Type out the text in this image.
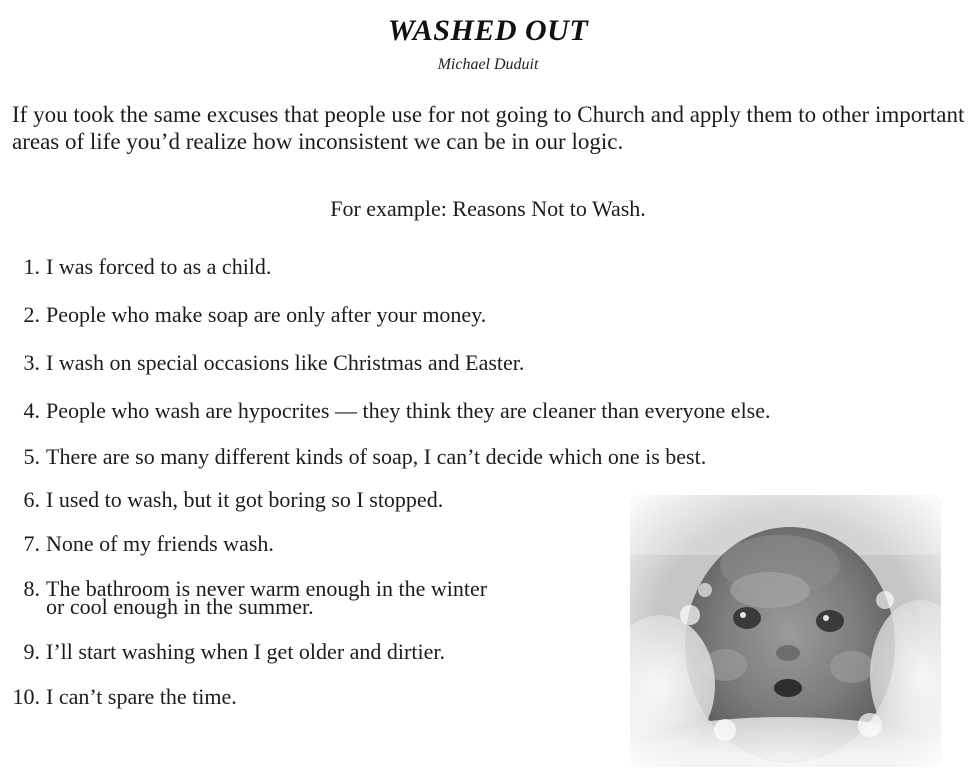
WASHED OUT
Michael Duduit

If you took the same excuses that people use for not going to Church and apply them to other important areas of life you’d realize how inconsistent we can be in our logic.

For example: Reasons Not to Wash.
1. I was forced to as a child.
2. People who make soap are only after your money.
3. I wash on special occasions like Christmas and Easter.
4. People who wash are hypocrites — they think they are cleaner than everyone else.
5. There are so many different kinds of soap, I can’t decide which one is best.
6. I used to wash, but it got boring so I stopped.
7. None of my friends wash.
8. The bathroom is never warm enough in the winter
or cool enough in the summer.
9. I’ll start washing when I get older and dirtier.
10. I can’t spare the time.
